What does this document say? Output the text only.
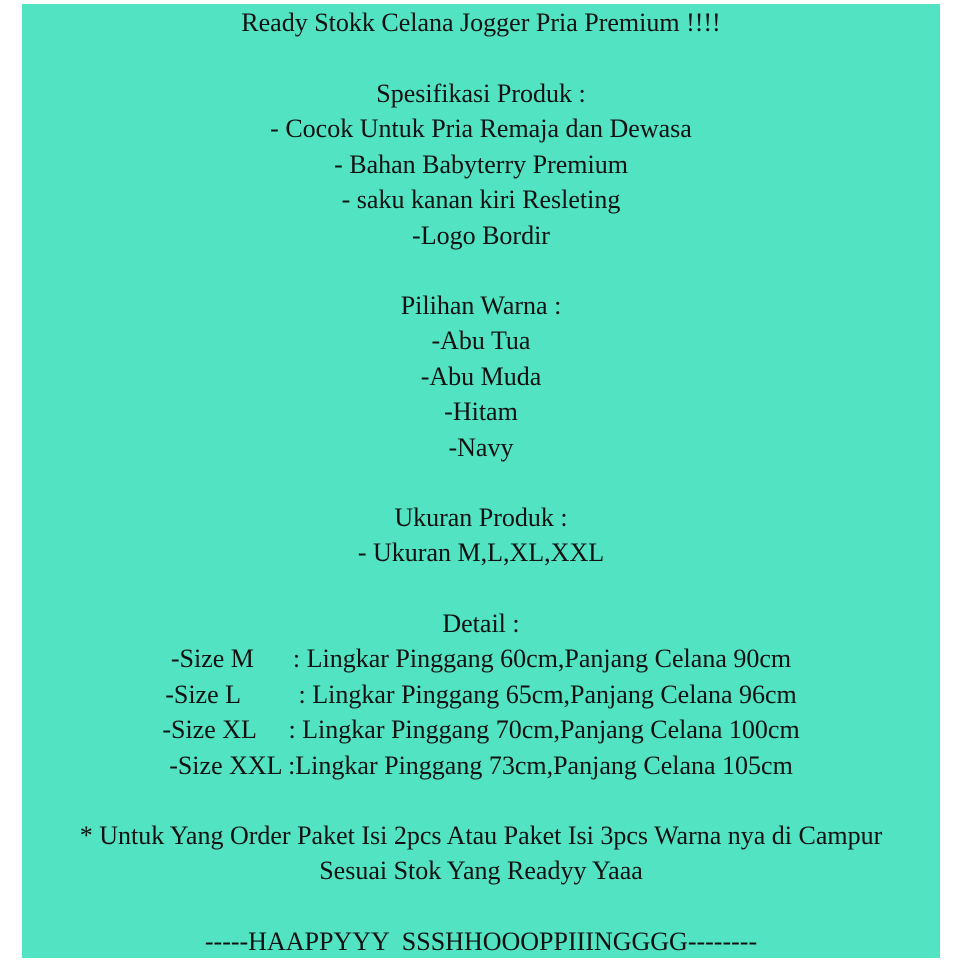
Ready Stokk Celana Jogger Pria Premium !!!!
Spesifikasi Produk :
- Cocok Untuk Pria Remaja dan Dewasa
- Bahan Babyterry Premium
- saku kanan kiri Resleting
-Logo Bordir
Pilihan Warna :
-Abu Tua
-Abu Muda
-Hitam
-Navy
Ukuran Produk :
- Ukuran M,L,XL,XXL
Detail :
-Size M      : Lingkar Pinggang 60cm,Panjang Celana 90cm
-Size L         : Lingkar Pinggang 65cm,Panjang Celana 96cm
-Size XL     : Lingkar Pinggang 70cm,Panjang Celana 100cm
-Size XXL :Lingkar Pinggang 73cm,Panjang Celana 105cm
* Untuk Yang Order Paket Isi 2pcs Atau Paket Isi 3pcs Warna nya di Campur
Sesuai Stok Yang Readyy Yaaa
-----HAAPPYYY  SSSHHOOOPPIIINGGGG--------
